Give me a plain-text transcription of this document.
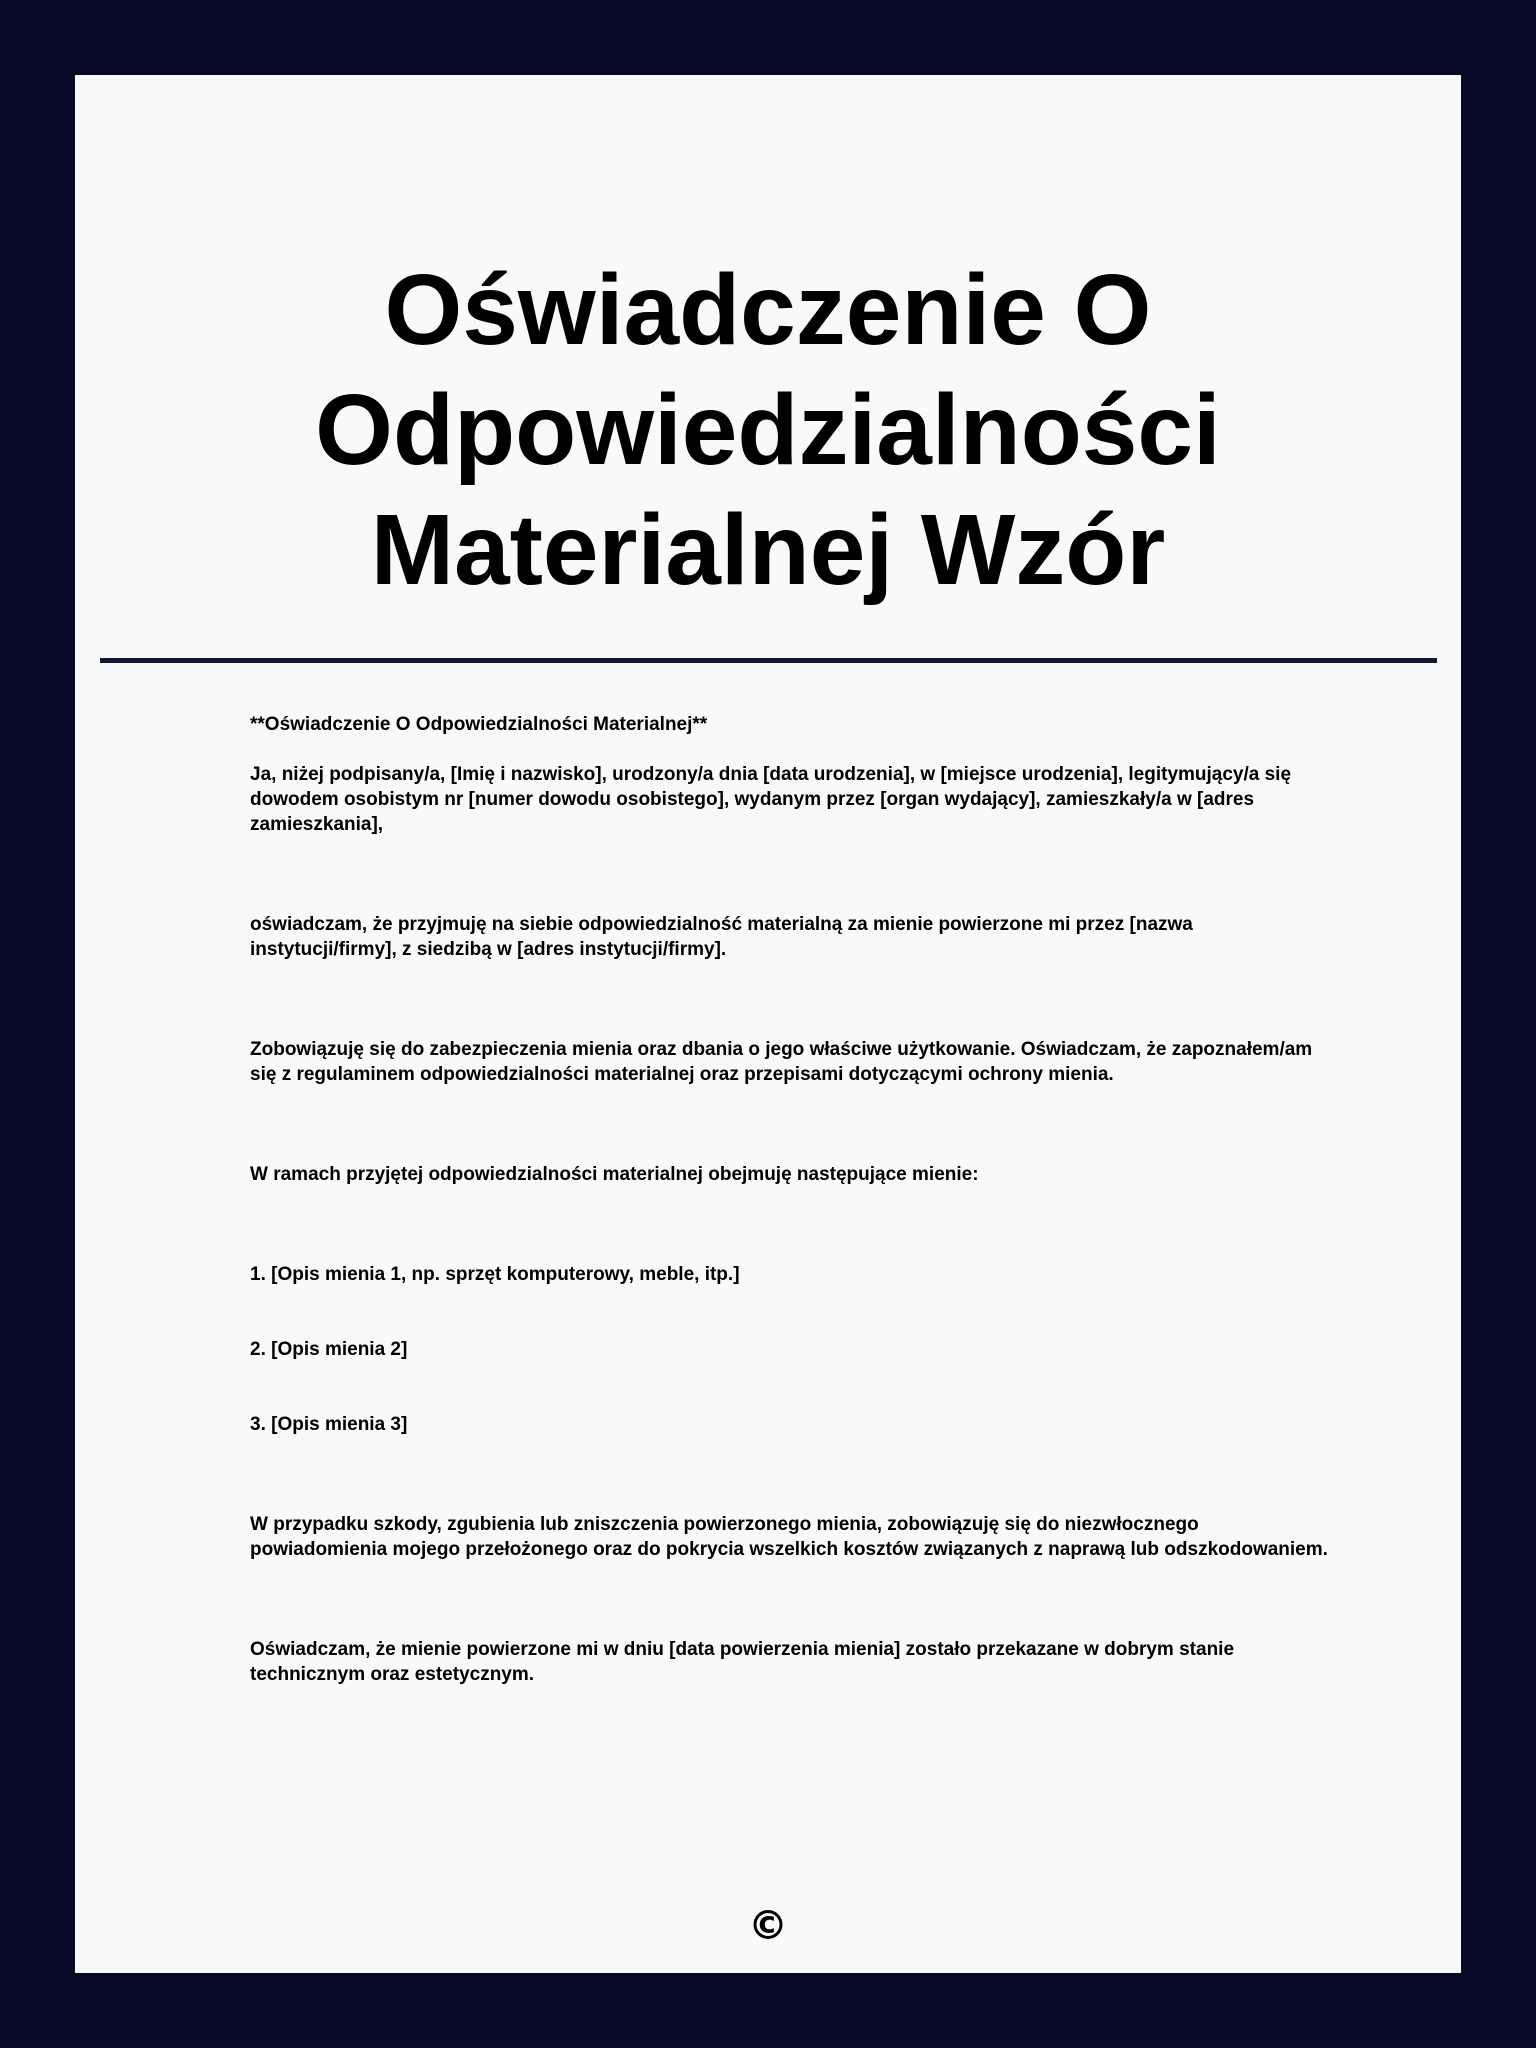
Oświadczenie O Odpowiedzialności Materialnej Wzór

**Oświadczenie O Odpowiedzialności Materialnej**

Ja, niżej podpisany/a, [Imię i nazwisko], urodzony/a dnia [data urodzenia], w [miejsce urodzenia], legitymujący/a się dowodem osobistym nr [numer dowodu osobistego], wydanym przez [organ wydający], zamieszkały/a w [adres zamieszkania],

oświadczam, że przyjmuję na siebie odpowiedzialność materialną za mienie powierzone mi przez [nazwa instytucji/firmy], z siedzibą w [adres instytucji/firmy].

Zobowiązuję się do zabezpieczenia mienia oraz dbania o jego właściwe użytkowanie. Oświadczam, że zapoznałem/am się z regulaminem odpowiedzialności materialnej oraz przepisami dotyczącymi ochrony mienia.

W ramach przyjętej odpowiedzialności materialnej obejmuję następujące mienie:

1. [Opis mienia 1, np. sprzęt komputerowy, meble, itp.]

2. [Opis mienia 2]

3. [Opis mienia 3]

W przypadku szkody, zgubienia lub zniszczenia powierzonego mienia, zobowiązuję się do niezwłocznego powiadomienia mojego przełożonego oraz do pokrycia wszelkich kosztów związanych z naprawą lub odszkodowaniem.

Oświadczam, że mienie powierzone mi w dniu [data powierzenia mienia] zostało przekazane w dobrym stanie technicznym oraz estetycznym.

©
